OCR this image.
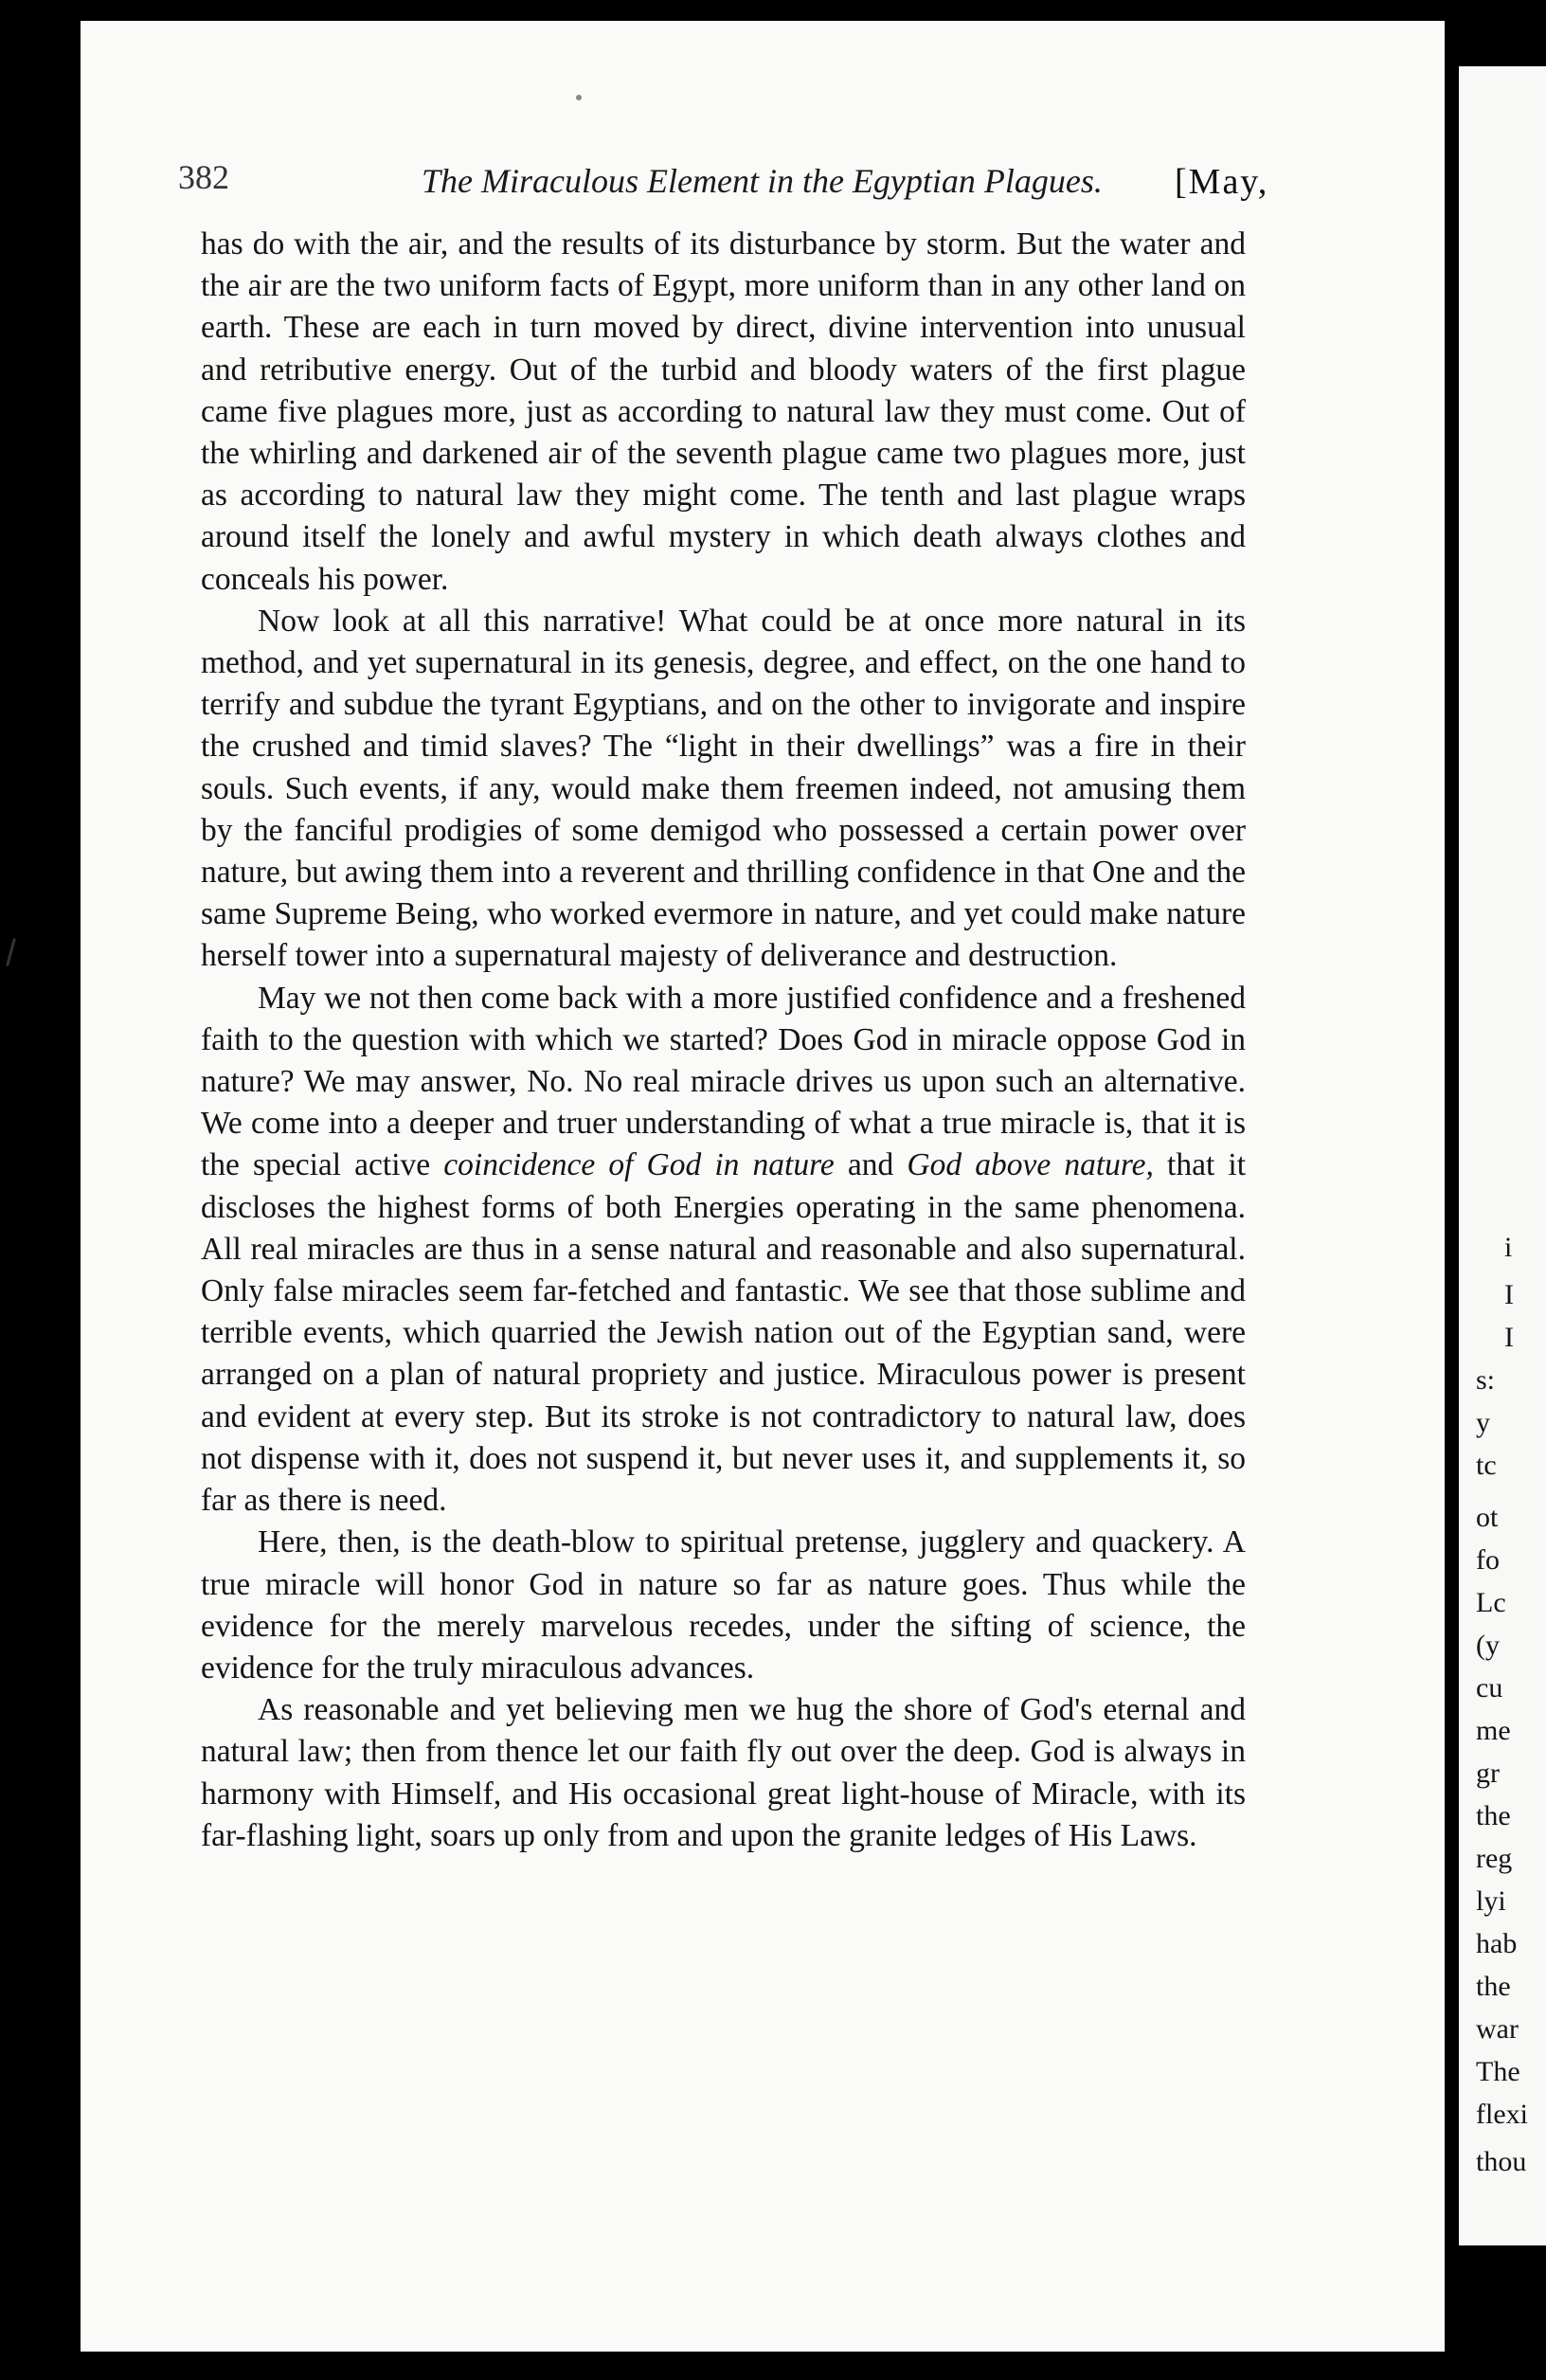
i
I
I
s:
y
tc
ot
fo
Lc
(y
cu
me
gr
the
reg
lyi
hab
the
war
The
flexi
thou
382	The Miraculous Element in the Egyptian Plagues. [May,

has do with the air, and the results of its disturbance by storm. But the water and the air are the two uniform facts of Egypt, more uniform than in any other land on earth. These are each in turn moved by direct, divine intervention into unusual and retributive energy. Out of the turbid and bloody waters of the first plague came five plagues more, just as according to natural law they must come. Out of the whirling and darkened air of the seventh plague came two plagues more, just as according to natural law they might come. The tenth and last plague wraps around itself the lonely and awful mystery in which death always clothes and conceals his power.

Now look at all this narrative! What could be at once more natural in its method, and yet supernatural in its genesis, degree, and effect, on the one hand to terrify and subdue the tyrant Egyptians, and on the other to invigorate and inspire the crushed and timid slaves? The “light in their dwellings” was a fire in their souls. Such events, if any, would make them freemen indeed, not amusing them by the fanciful prodigies of some demigod who possessed a certain power over nature, but awing them into a reverent and thrilling confidence in that One and the same Supreme Being, who worked evermore in nature, and yet could make nature herself tower into a supernatural majesty of deliverance and destruction.

May we not then come back with a more justified confidence and a freshened faith to the question with which we started? Does God in miracle oppose God in nature? We may answer, No. No real miracle drives us upon such an alternative. We come into a deeper and truer understanding of what a true miracle is, that it is the special active coincidence of God in nature and God above nature, that it discloses the highest forms of both Energies operating in the same phenomena. All real miracles are thus in a sense natural and reasonable and also supernatural. Only false miracles seem far-fetched and fantastic. We see that those sublime and terrible events, which quarried the Jewish nation out of the Egyptian sand, were arranged on a plan of natural propriety and justice. Miraculous power is present and evident at every step. But its stroke is not contradictory to natural law, does not dispense with it, does not suspend it, but never uses it, and supplements it, so far as there is need.

Here, then, is the death-blow to spiritual pretense, jugglery and quackery. A true miracle will honor God in nature so far as nature goes. Thus while the evidence for the merely marvelous recedes, under the sifting of science, the evidence for the truly miraculous advances.

As reasonable and yet believing men we hug the shore of God's eternal and natural law; then from thence let our faith fly out over the deep. God is always in harmony with Himself, and His occasional great light-house of Miracle, with its far-flashing light, soars up only from and upon the granite ledges of His Laws.
